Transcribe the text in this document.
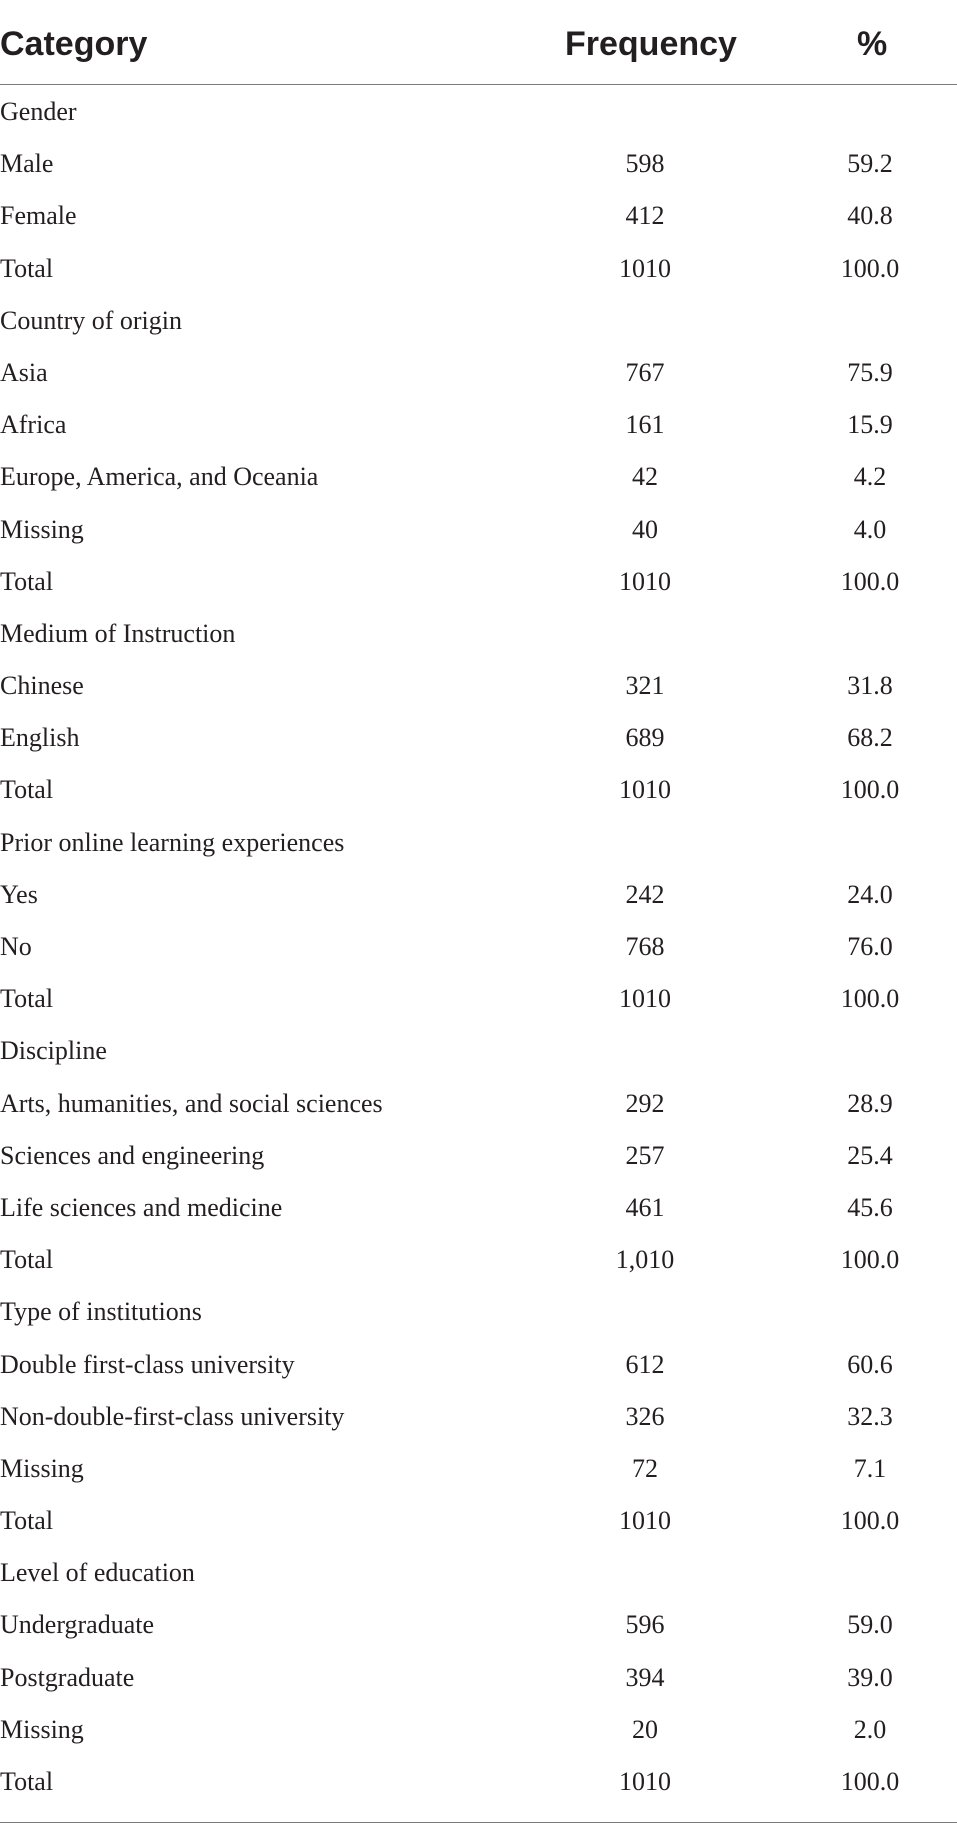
Category	Frequency	%
Gender
Male	598	59.2
Female	412	40.8
Total	1010	100.0
Country of origin
Asia	767	75.9
Africa	161	15.9
Europe, America, and Oceania	42	4.2
Missing	40	4.0
Total	1010	100.0
Medium of Instruction
Chinese	321	31.8
English	689	68.2
Total	1010	100.0
Prior online learning experiences
Yes	242	24.0
No	768	76.0
Total	1010	100.0
Discipline
Arts, humanities, and social sciences	292	28.9
Sciences and engineering	257	25.4
Life sciences and medicine	461	45.6
Total	1,010	100.0
Type of institutions
Double first-class university	612	60.6
Non-double-first-class university	326	32.3
Missing	72	7.1
Total	1010	100.0
Level of education
Undergraduate	596	59.0
Postgraduate	394	39.0
Missing	20	2.0
Total	1010	100.0
